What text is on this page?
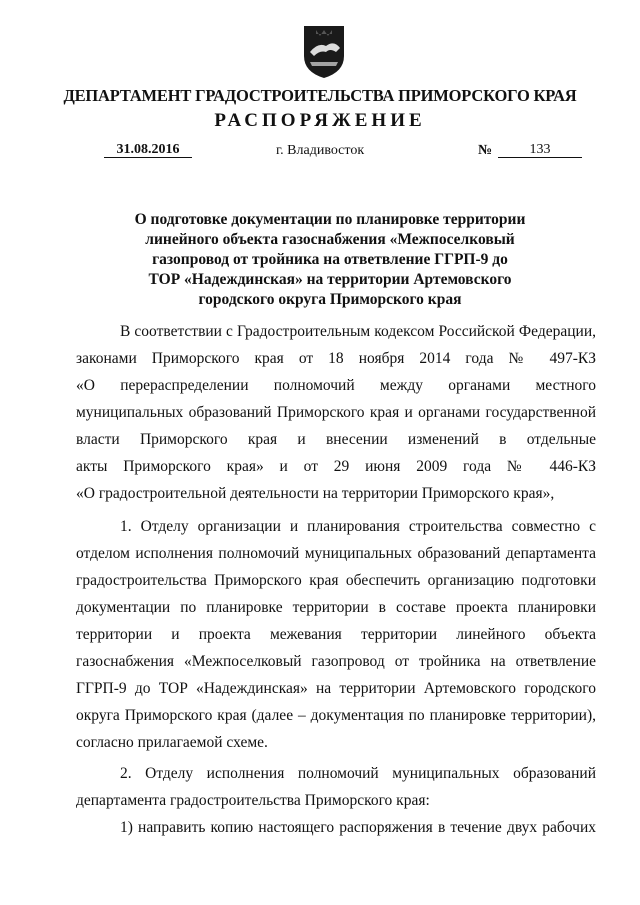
ДЕПАРТАМЕНТ ГРАДОСТРОИТЕЛЬСТВА ПРИМОРСКОГО КРАЯ
РАСПОРЯЖЕНИЕ
31.08.2016	г. Владивосток	№	133
О подготовке документации по планировке территории
линейного объекта газоснабжения «Межпоселковый
газопровод от тройника на ответвление ГГРП-9 до
ТОР «Надеждинская» на территории Артемовского
городского округа Приморского края
В соответствии с Градостроительным кодексом Российской Федерации,
законами Приморского края от 18 ноября 2014 года № 497-КЗ
«О перераспределении полномочий между органами местного
муниципальных образований Приморского края и органами государственной
власти Приморского края и внесении изменений в отдельные
акты Приморского края» и от 29 июня 2009 года № 446-КЗ
«О градостроительной деятельности на территории Приморского края»,
1. Отделу организации и планирования строительства совместно с
отделом исполнения полномочий муниципальных образований департамента
градостроительства Приморского края обеспечить организацию подготовки
документации по планировке территории в составе проекта планировки
территории и проекта межевания территории линейного объекта
газоснабжения «Межпоселковый газопровод от тройника на ответвление
ГГРП-9 до ТОР «Надеждинская» на территории Артемовского городского
округа Приморского края (далее – документация по планировке территории),
согласно прилагаемой схеме.
2. Отделу исполнения полномочий муниципальных образований
департамента градостроительства Приморского края:
1) направить копию настоящего распоряжения в течение двух рабочих
